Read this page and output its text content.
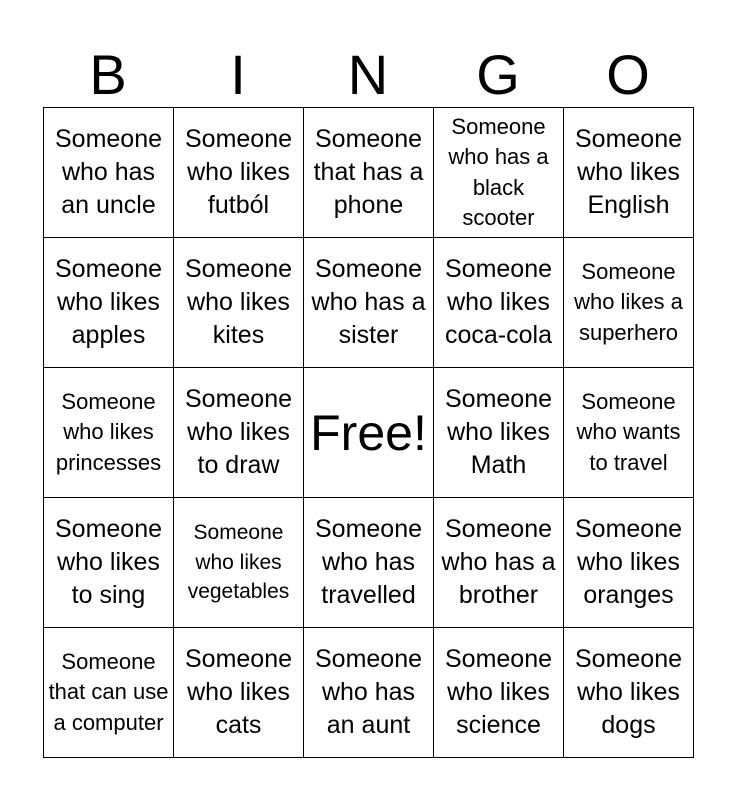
B	I	N	G	O
Someone who has an uncle	Someone who likes futból	Someone that has a phone	Someone who has a black scooter	Someone who likes English

Someone who likes apples	Someone who likes kites	Someone who has a sister	Someone who likes coca-cola	Someone who likes a superhero

Someone who likes princesses	Someone who likes to draw	Free!	Someone who likes Math	Someone who wants to travel

Someone who likes to sing	Someone who likes vegetables	Someone who has travelled	Someone who has a brother	Someone who likes oranges

Someone that can use a computer	Someone who likes cats	Someone who has an aunt	Someone who likes science	Someone who likes dogs
